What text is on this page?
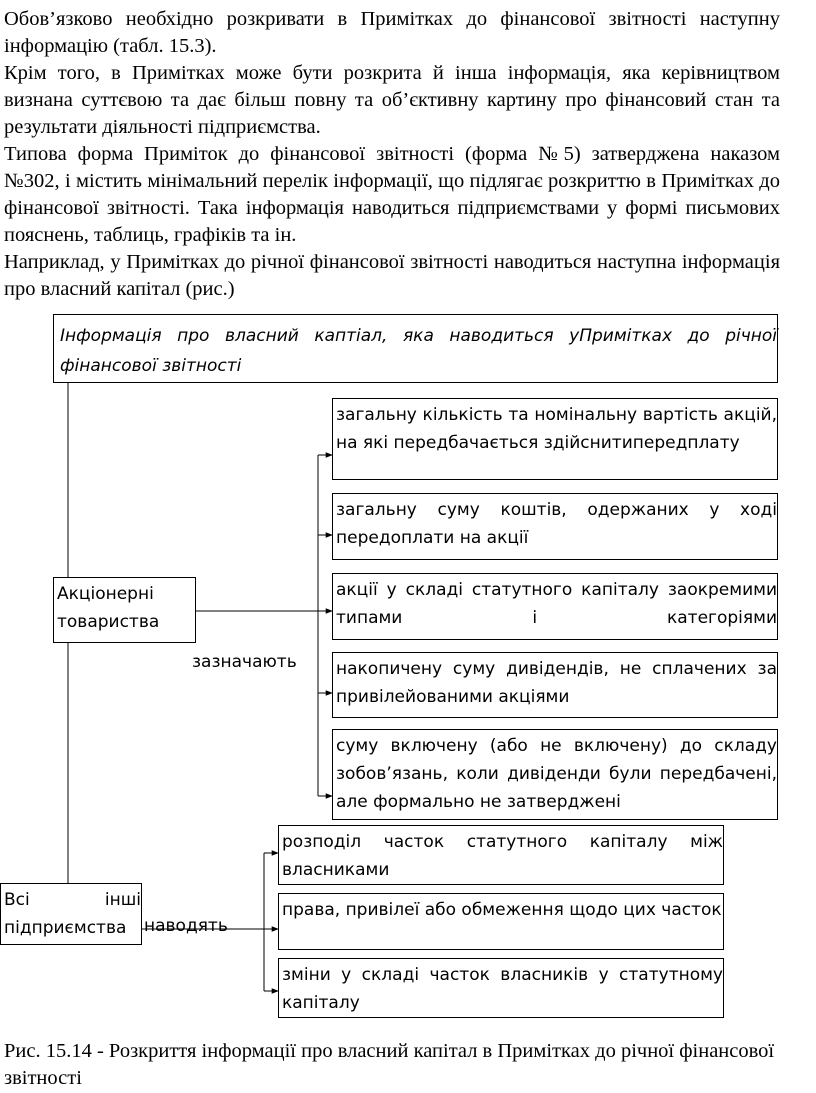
Обов’язково необхідно розкривати в Примітках до фінансової звітності наступну інформацію (табл. 15.3).

Крім того, в Примітках може бути розкрита й інша інформація, яка керівництвом визнана суттєвою та дає більш повну та об’єктивну картину про фінансовий стан та результати діяльності підприємства.

Типова форма Приміток до фінансової звітності (форма №5) затверджена наказом №302, і містить мінімальний перелік інформації, що підлягає розкриттю в Примітках до фінансової звітності. Така інформація наводиться підприємствами у формі письмових пояснень, таблиць, графіків та ін.

Наприклад, у Примітках до річної фінансової звітності наводиться наступна інформація про власний капітал (рис.)

Інформація про власний каптіал, яка наводиться уПримітках до річної фінансової звітності
Акціонерні товариства
зазначають
загальну кількість та номінальну вартість акцій, на які передбачається здійснитипередплату
загальну суму коштів, одержаних у ході передоплати на акції
акції у складі статутного капіталу заокремими типами і категоріями
накопичену суму дивідендів, не сплачених за привілейованими акціями
суму включену (або не включену) до складу зобов’язань, коли дивіденди були передбачені, але формально не затверджені
Всі інші підприємства	наводять
розподіл часток статутного капіталу між власниками
права, привілеї або обмеження щодо цих часток
зміни у складі часток власників у статутному капіталу

Рис. 15.14 - Розкриття інформації про власний капітал в Примітках до річної фінансової звітності
